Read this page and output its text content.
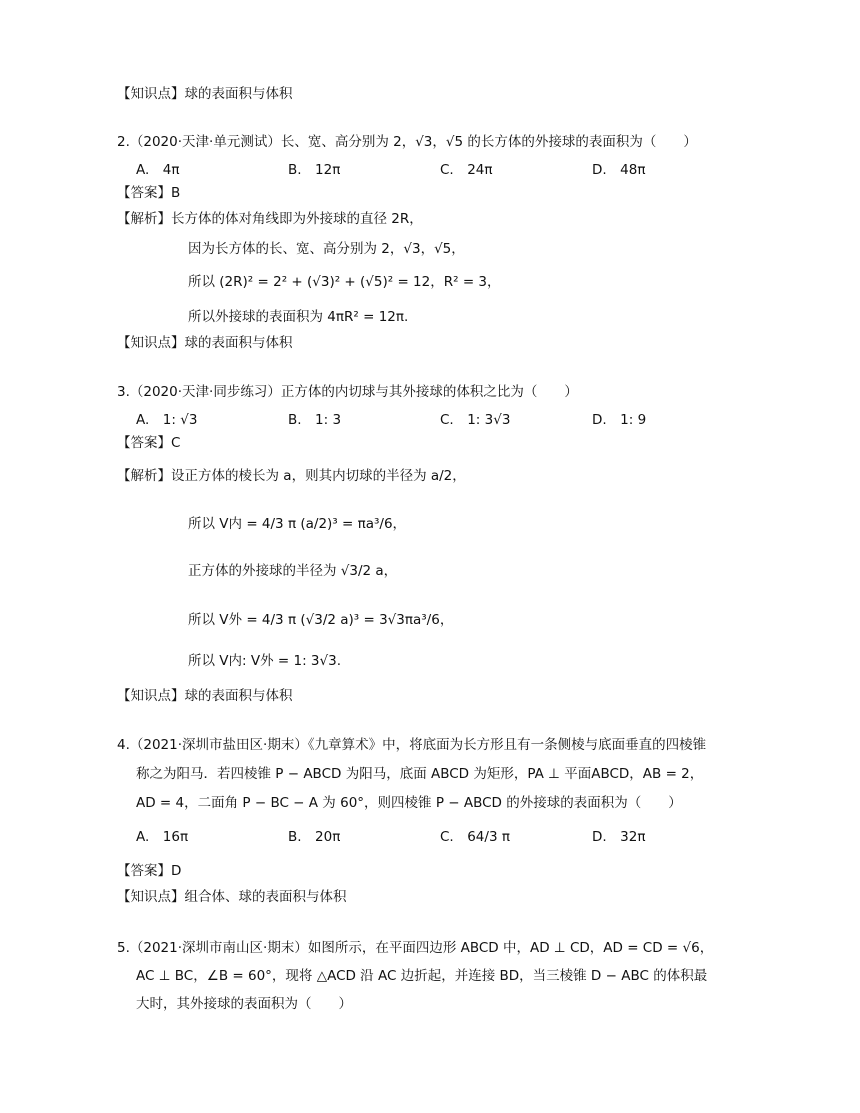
【知识点】球的表面积与体积
2.（2020·天津·单元测试）长、宽、高分别为 2，√3，√5 的长方体的外接球的表面积为（　　）
A.　4π	B.　12π	C.　24π	D.　48π
【答案】B
【解析】长方体的体对角线即为外接球的直径 2R，
因为长方体的长、宽、高分别为 2，√3，√5，
所以 (2R)² = 2² + (√3)² + (√5)² = 12，R² = 3，
所以外接球的表面积为 4πR² = 12π.
【知识点】球的表面积与体积
3.（2020·天津·同步练习）正方体的内切球与其外接球的体积之比为（　　）
A.　1: √3	B.　1: 3	C.　1: 3√3	D.　1: 9
【答案】C
【解析】设正方体的棱长为 a，则其内切球的半径为 a/2，
所以 V内 = 4/3 π (a/2)³ = πa³/6，
正方体的外接球的半径为 √3/2 a，
所以 V外 = 4/3 π (√3/2 a)³ = 3√3πa³/6，
所以 V内: V外 = 1: 3√3.
【知识点】球的表面积与体积
4.（2021·深圳市盐田区·期末）《九章算术》中，将底面为长方形且有一条侧棱与底面垂直的四棱锥
称之为阳马．若四棱锥 P − ABCD 为阳马，底面 ABCD 为矩形，PA ⊥ 平面ABCD，AB = 2，
AD = 4，二面角 P − BC − A 为 60°，则四棱锥 P − ABCD 的外接球的表面积为（　　）
A.　16π	B.　20π	C.　64/3 π	D.　32π
【答案】D
【知识点】组合体、球的表面积与体积
5.（2021·深圳市南山区·期末）如图所示，在平面四边形 ABCD 中，AD ⊥ CD，AD = CD = √6，
AC ⊥ BC，∠B = 60°，现将 △ACD 沿 AC 边折起，并连接 BD，当三棱锥 D − ABC 的体积最
大时，其外接球的表面积为（　　）
